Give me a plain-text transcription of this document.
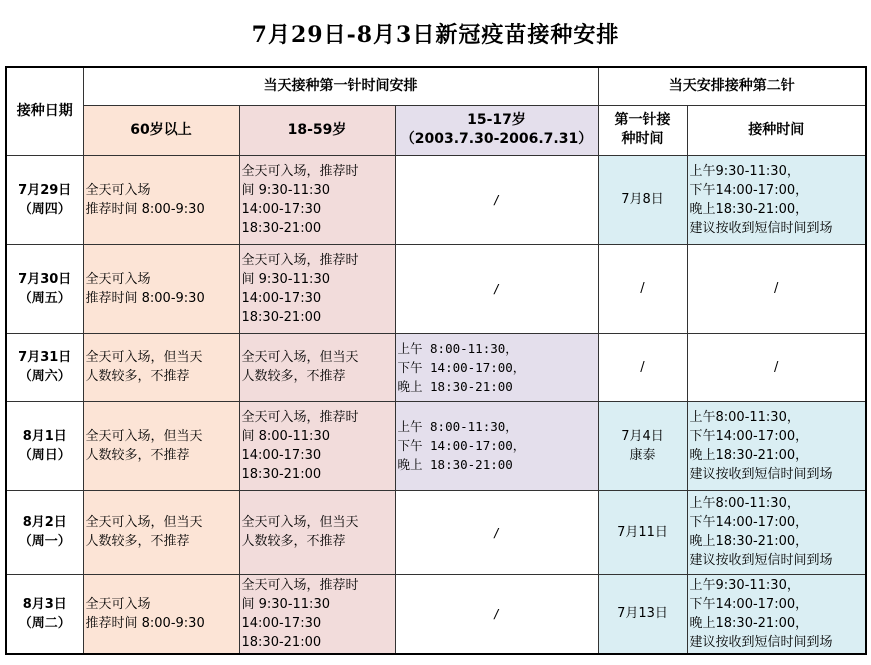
7月29日-8月3日新冠疫苗接种安排
接种日期	当天接种第一针时间安排			当天安排接种第二针	
	60岁以上	18-59岁	15-17岁
（2003.7.30-2006.7.31）	第一针接
种时间	接种时间

7月29日
（周四）	全天可入场
推荐时间 8:00-9:30	全天可入场，推荐时
间 9:30-11:30
14:00-17:30
18:30-21:00	/	7月8日	上午9:30-11:30，
下午14:00-17:00，
晚上18:30-21:00，
建议按收到短信时间到场

7月30日
（周五）	全天可入场
推荐时间 8:00-9:30	全天可入场，推荐时
间 9:30-11:30
14:00-17:30
18:30-21:00	/	/	/

7月31日
（周六）	全天可入场，但当天
人数较多，不推荐	全天可入场，但当天
人数较多，不推荐	上午 8:00-11:30，
下午 14:00-17:00，
晚上 18:30-21:00	/	/

8月1日
（周日）	全天可入场，但当天
人数较多，不推荐	全天可入场，推荐时
间 8:00-11:30
14:00-17:30
18:30-21:00	上午 8:00-11:30，
下午 14:00-17:00，
晚上 18:30-21:00	7月4日
康泰	上午8:00-11:30，
下午14:00-17:00，
晚上18:30-21:00，
建议按收到短信时间到场

8月2日
（周一）	全天可入场，但当天
人数较多，不推荐	全天可入场，但当天
人数较多，不推荐	/	7月11日	上午8:00-11:30，
下午14:00-17:00，
晚上18:30-21:00，
建议按收到短信时间到场

8月3日
（周二）	全天可入场
推荐时间 8:00-9:30	全天可入场，推荐时
间 9:30-11:30
14:00-17:30
18:30-21:00	/	7月13日	上午9:30-11:30，
下午14:00-17:00，
晚上18:30-21:00，
建议按收到短信时间到场
